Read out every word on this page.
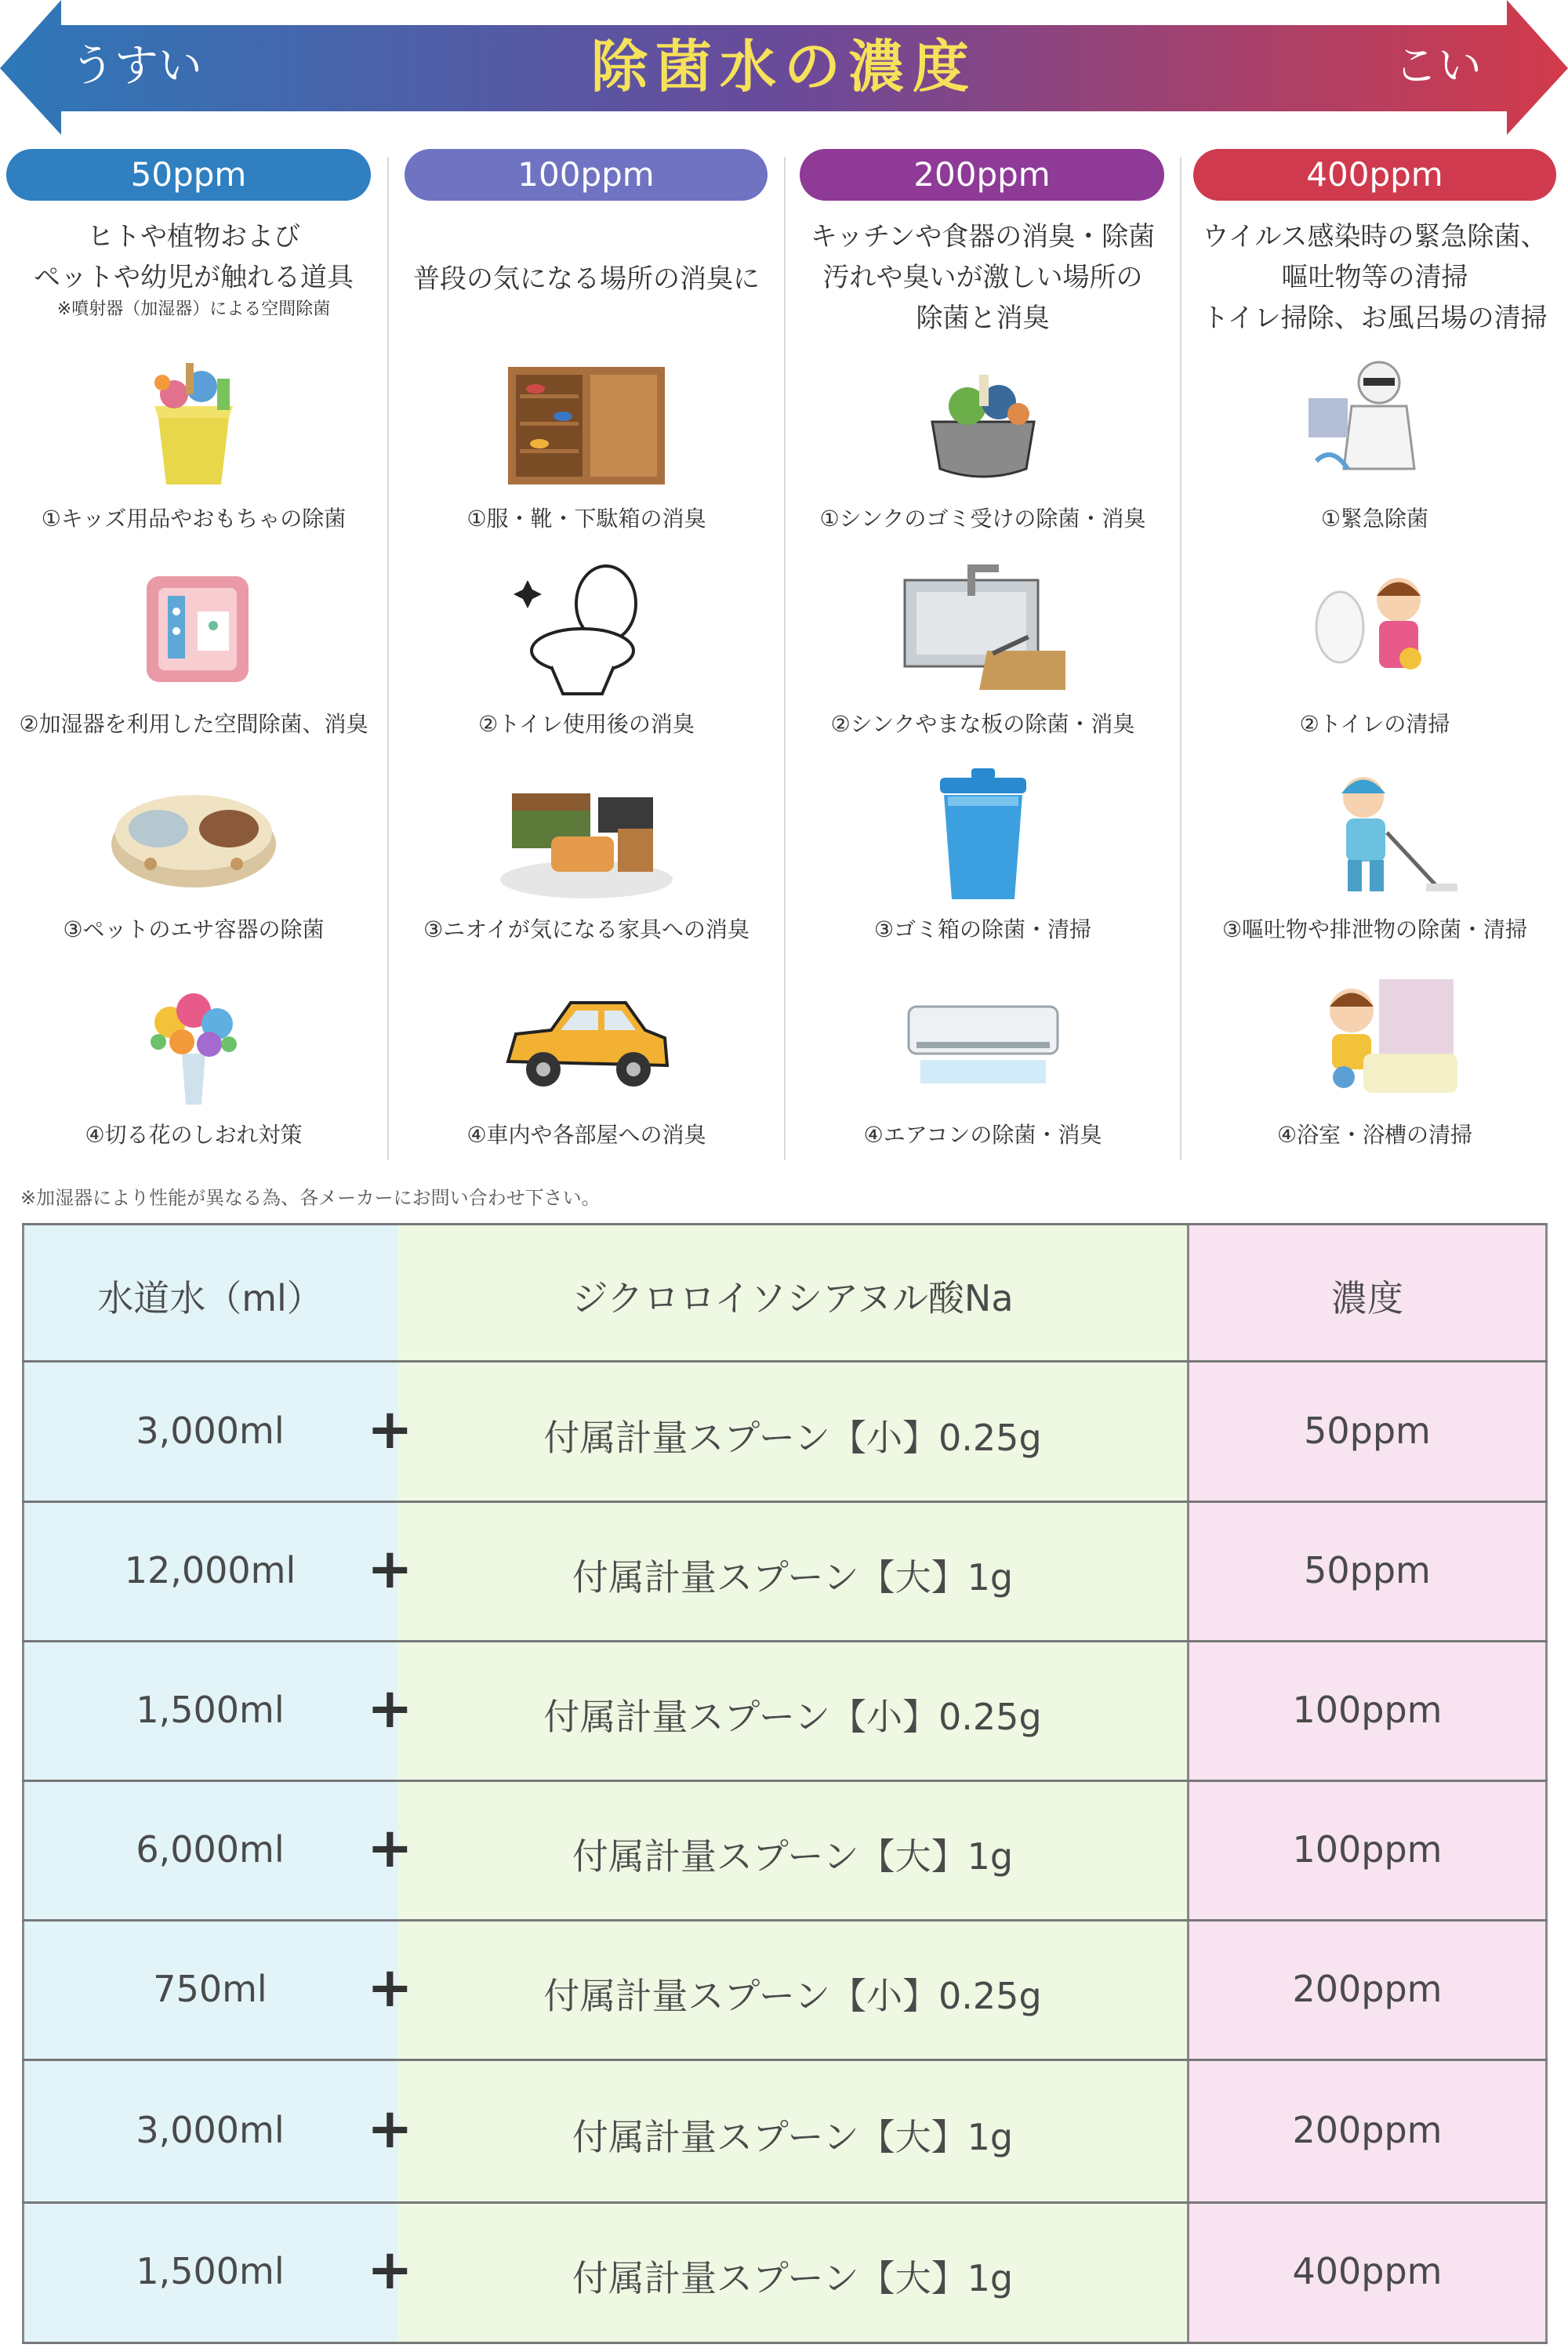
うすい	除菌水の濃度	こい
50ppm
ヒトや植物および
ペットや幼児が触れる道具
※噴射器（加湿器）による空間除菌
①キッズ用品やおもちゃの除菌
②加湿器を利用した空間除菌、消臭
③ペットのエサ容器の除菌
④切る花のしおれ対策
100ppm
普段の気になる場所の消臭に
①服・靴・下駄箱の消臭
②トイレ使用後の消臭
③ニオイが気になる家具への消臭
④車内や各部屋への消臭
200ppm
キッチンや食器の消臭・除菌
汚れや臭いが激しい場所の
除菌と消臭
①シンクのゴミ受けの除菌・消臭
②シンクやまな板の除菌・消臭
③ゴミ箱の除菌・清掃
④エアコンの除菌・消臭
400ppm
ウイルス感染時の緊急除菌、
嘔吐物等の清掃
トイレ掃除、お風呂場の清掃
①緊急除菌
②トイレの清掃
③嘔吐物や排泄物の除菌・清掃
④浴室・浴槽の清掃
※加湿器により性能が異なる為、各メーカーにお問い合わせ下さい。
水道水（ml）	ジクロロイソシアヌル酸Na	濃度
3,000ml	+	付属計量スプーン【小】0.25g	50ppm
12,000ml	+	付属計量スプーン【大】1g	50ppm
1,500ml	+	付属計量スプーン【小】0.25g	100ppm
6,000ml	+	付属計量スプーン【大】1g	100ppm
750ml	+	付属計量スプーン【小】0.25g	200ppm
3,000ml	+	付属計量スプーン【大】1g	200ppm
1,500ml	+	付属計量スプーン【大】1g	400ppm
